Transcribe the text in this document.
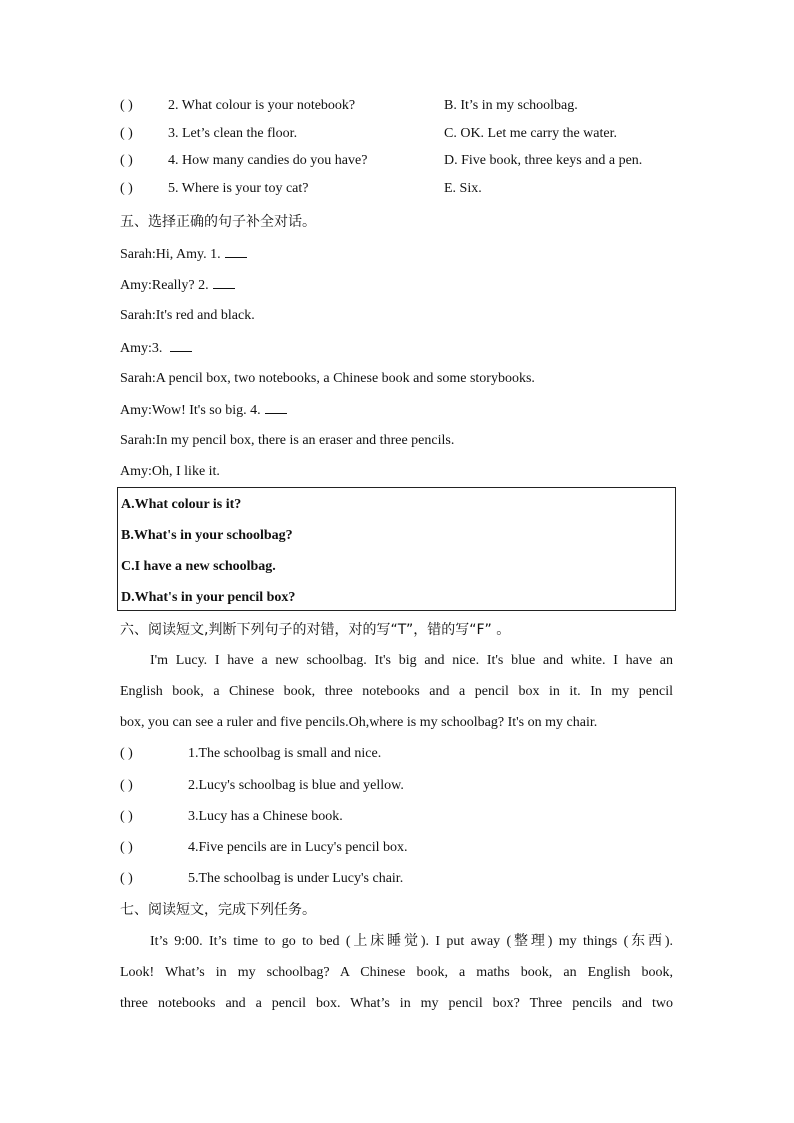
( )	2. What colour is your notebook?	B. It’s in my schoolbag.
( )	3. Let’s clean the floor.	C. OK. Let me carry the water.
( )	4. How many candies do you have?	D. Five book, three keys and a pen.
( )	5. Where is your toy cat?	E. Six.
五、选择正确的句子补全对话。
Sarah:Hi, Amy. 1.
Amy:Really? 2.
Sarah:It's red and black.
Amy:3.
Sarah:A pencil box, two notebooks, a Chinese book and some storybooks.
Amy:Wow! It's so big. 4.
Sarah:In my pencil box, there is an eraser and three pencils.
Amy:Oh, I like it.
A.What colour is it?
B.What's in your schoolbag?
C.I have a new schoolbag.
D.What's in your pencil box?
六、阅读短文,判断下列句子的对错，对的写“T”，错的写“F” 。
I'm Lucy. I have a new schoolbag. It's big and nice. It's blue and white. I have an
English book, a Chinese book, three notebooks and a pencil box in it. In my pencil
box, you can see a ruler and five pencils.Oh,where is my schoolbag? It's on my chair.
( )	1.The schoolbag is small and nice.
( )	2.Lucy's schoolbag is blue and yellow.
( )	3.Lucy has a Chinese book.
( )	4.Five pencils are in Lucy's pencil box.
( )	5.The schoolbag is under Lucy's chair.
七、阅读短文，完成下列任务。
It’s 9:00. It’s time to go to bed (上床睡觉). I put away (整理) my things (东西).
Look! What’s in my schoolbag? A Chinese book, a maths book, an English book,
three notebooks and a pencil box. What’s in my pencil box? Three pencils and two
